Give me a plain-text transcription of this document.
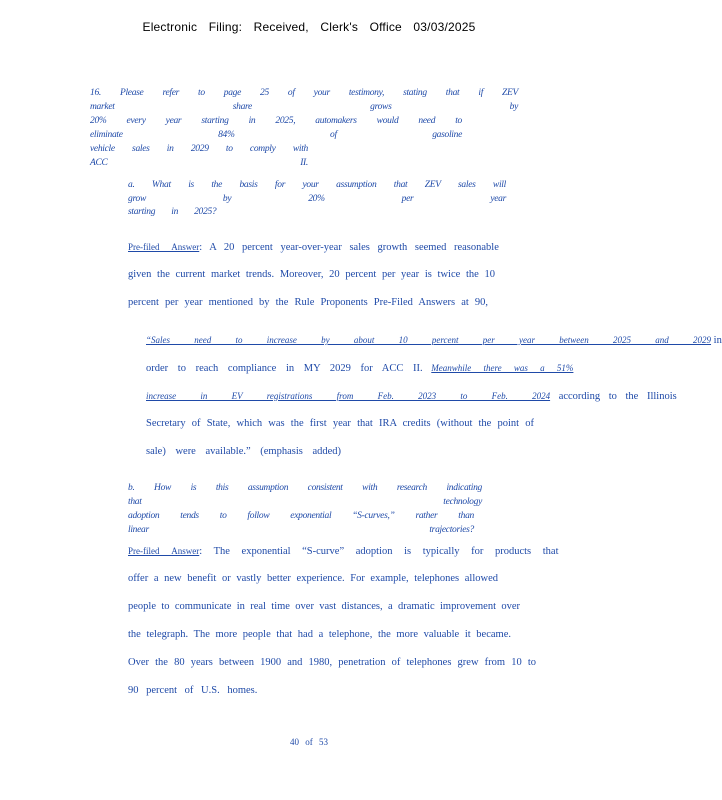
Electronic Filing: Received, Clerk's Office 03/03/2025
16. Please refer to page 25 of your testimony, stating that if ZEV market share grows by
20% every year starting in 2025, automakers would need to eliminate 84% of gasoline
vehicle sales in 2029 to comply with ACC II.
a. What is the basis for your assumption that ZEV sales will grow by 20% per year
starting in 2025?
Pre-filed Answer: A 20 percent year-over-year sales growth seemed reasonable
given the current market trends. Moreover, 20 percent per year is twice the 10
percent per year mentioned by the Rule Proponents Pre-Filed Answers at 90,
“Sales need to increase by about 10 percent per year between 2025 and 2029 in
order to reach compliance in MY 2029 for ACC II. Meanwhile there was a 51%
increase in EV registrations from Feb. 2023 to Feb. 2024 according to the Illinois
Secretary of State, which was the first year that IRA credits (without the point of
sale) were available.” (emphasis added)
b. How is this assumption consistent with research indicating that technology
adoption tends to follow exponential “S-curves,” rather than linear trajectories?
Pre-filed Answer: The exponential “S-curve” adoption is typically for products that
offer a new benefit or vastly better experience. For example, telephones allowed
people to communicate in real time over vast distances, a dramatic improvement over
the telegraph. The more people that had a telephone, the more valuable it became.
Over the 80 years between 1900 and 1980, penetration of telephones grew from 10 to
90 percent of U.S. homes.
40 of 53
